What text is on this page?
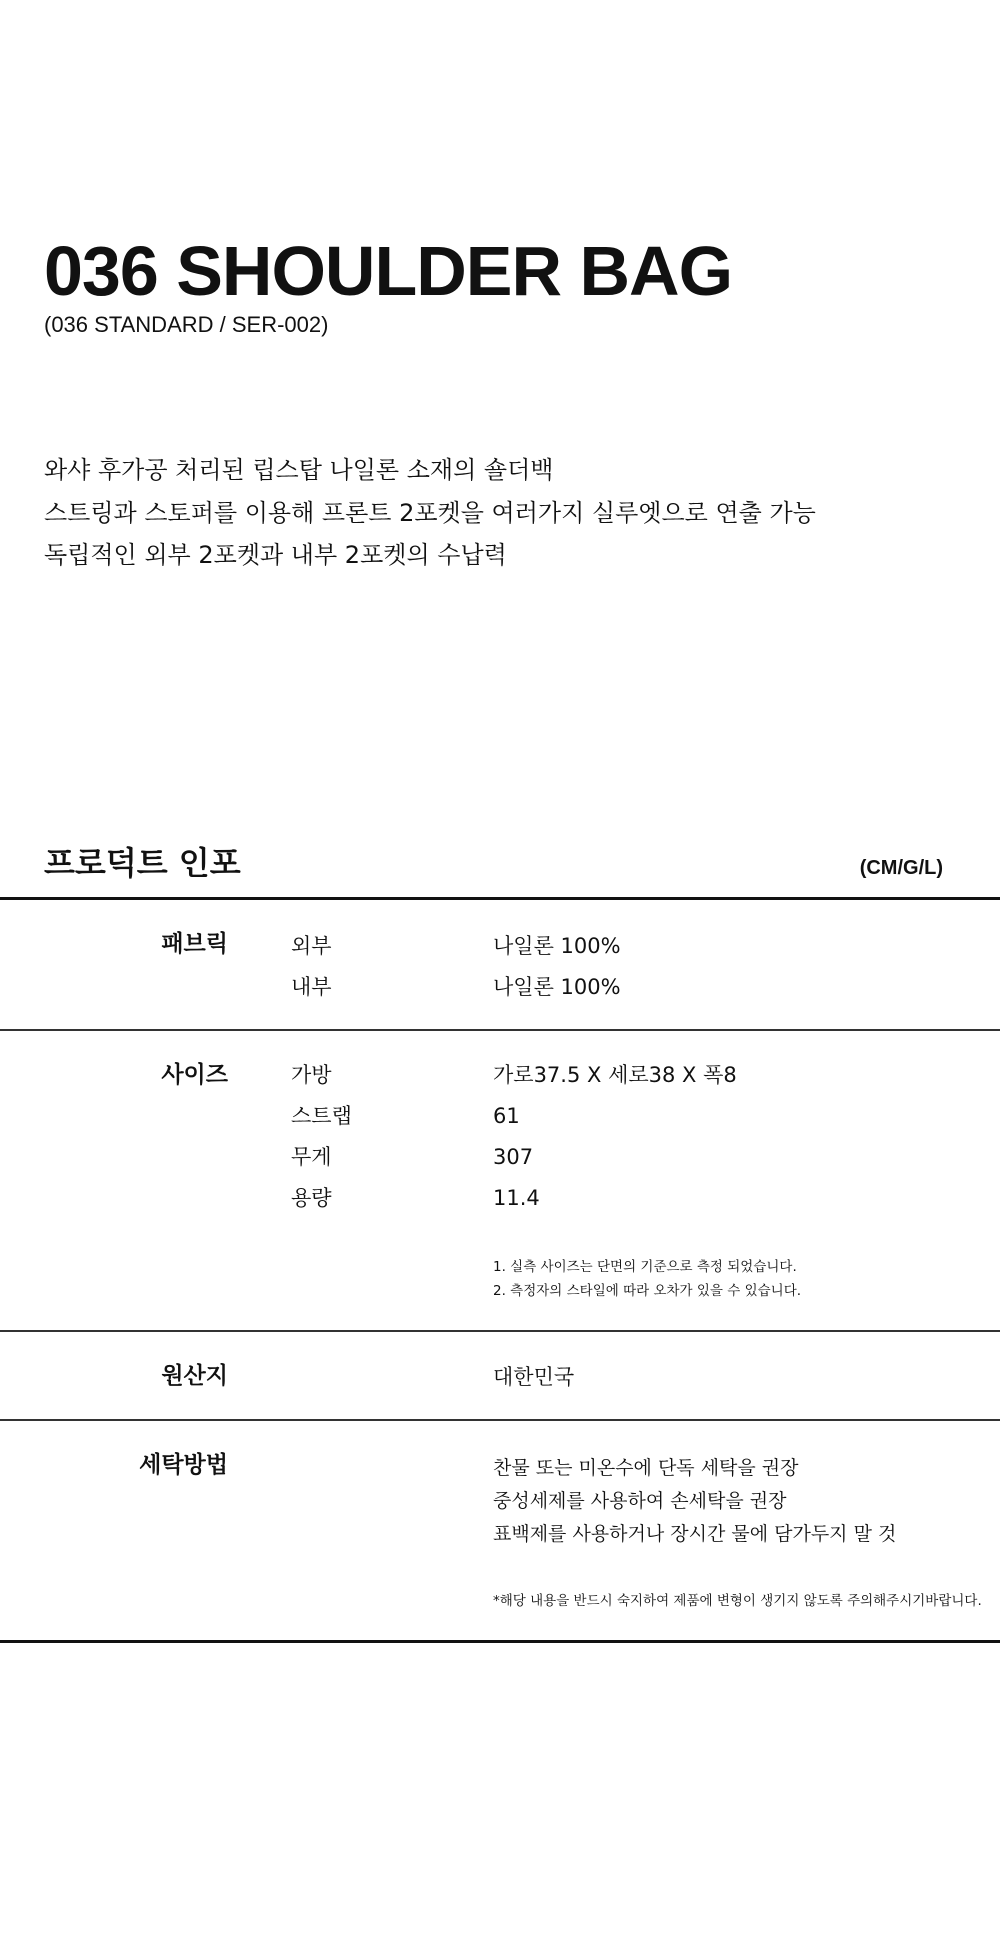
036 SHOULDER BAG
(036 STANDARD / SER-002)
와샤 후가공 처리된 립스탑 나일론 소재의 숄더백
스트링과 스토퍼를 이용해 프론트 2포켓을 여러가지 실루엣으로 연출 가능
독립적인 외부 2포켓과 내부 2포켓의 수납력
프로덕트 인포	(CM/G/L)
패브릭	외부	나일론 100%
내부	나일론 100%
사이즈	가방	가로37.5 X 세로38 X 폭8
스트랩	61
무게	307
용량	11.4
1. 실측 사이즈는 단면의 기준으로 측정 되었습니다.
2. 측정자의 스타일에 따라 오차가 있을 수 있습니다.
원산지	대한민국
세탁방법	찬물 또는 미온수에 단독 세탁을 권장
중성세제를 사용하여 손세탁을 권장
표백제를 사용하거나 장시간 물에 담가두지 말 것
*해당 내용을 반드시 숙지하여 제품에 변형이 생기지 않도록 주의해주시기바랍니다.
